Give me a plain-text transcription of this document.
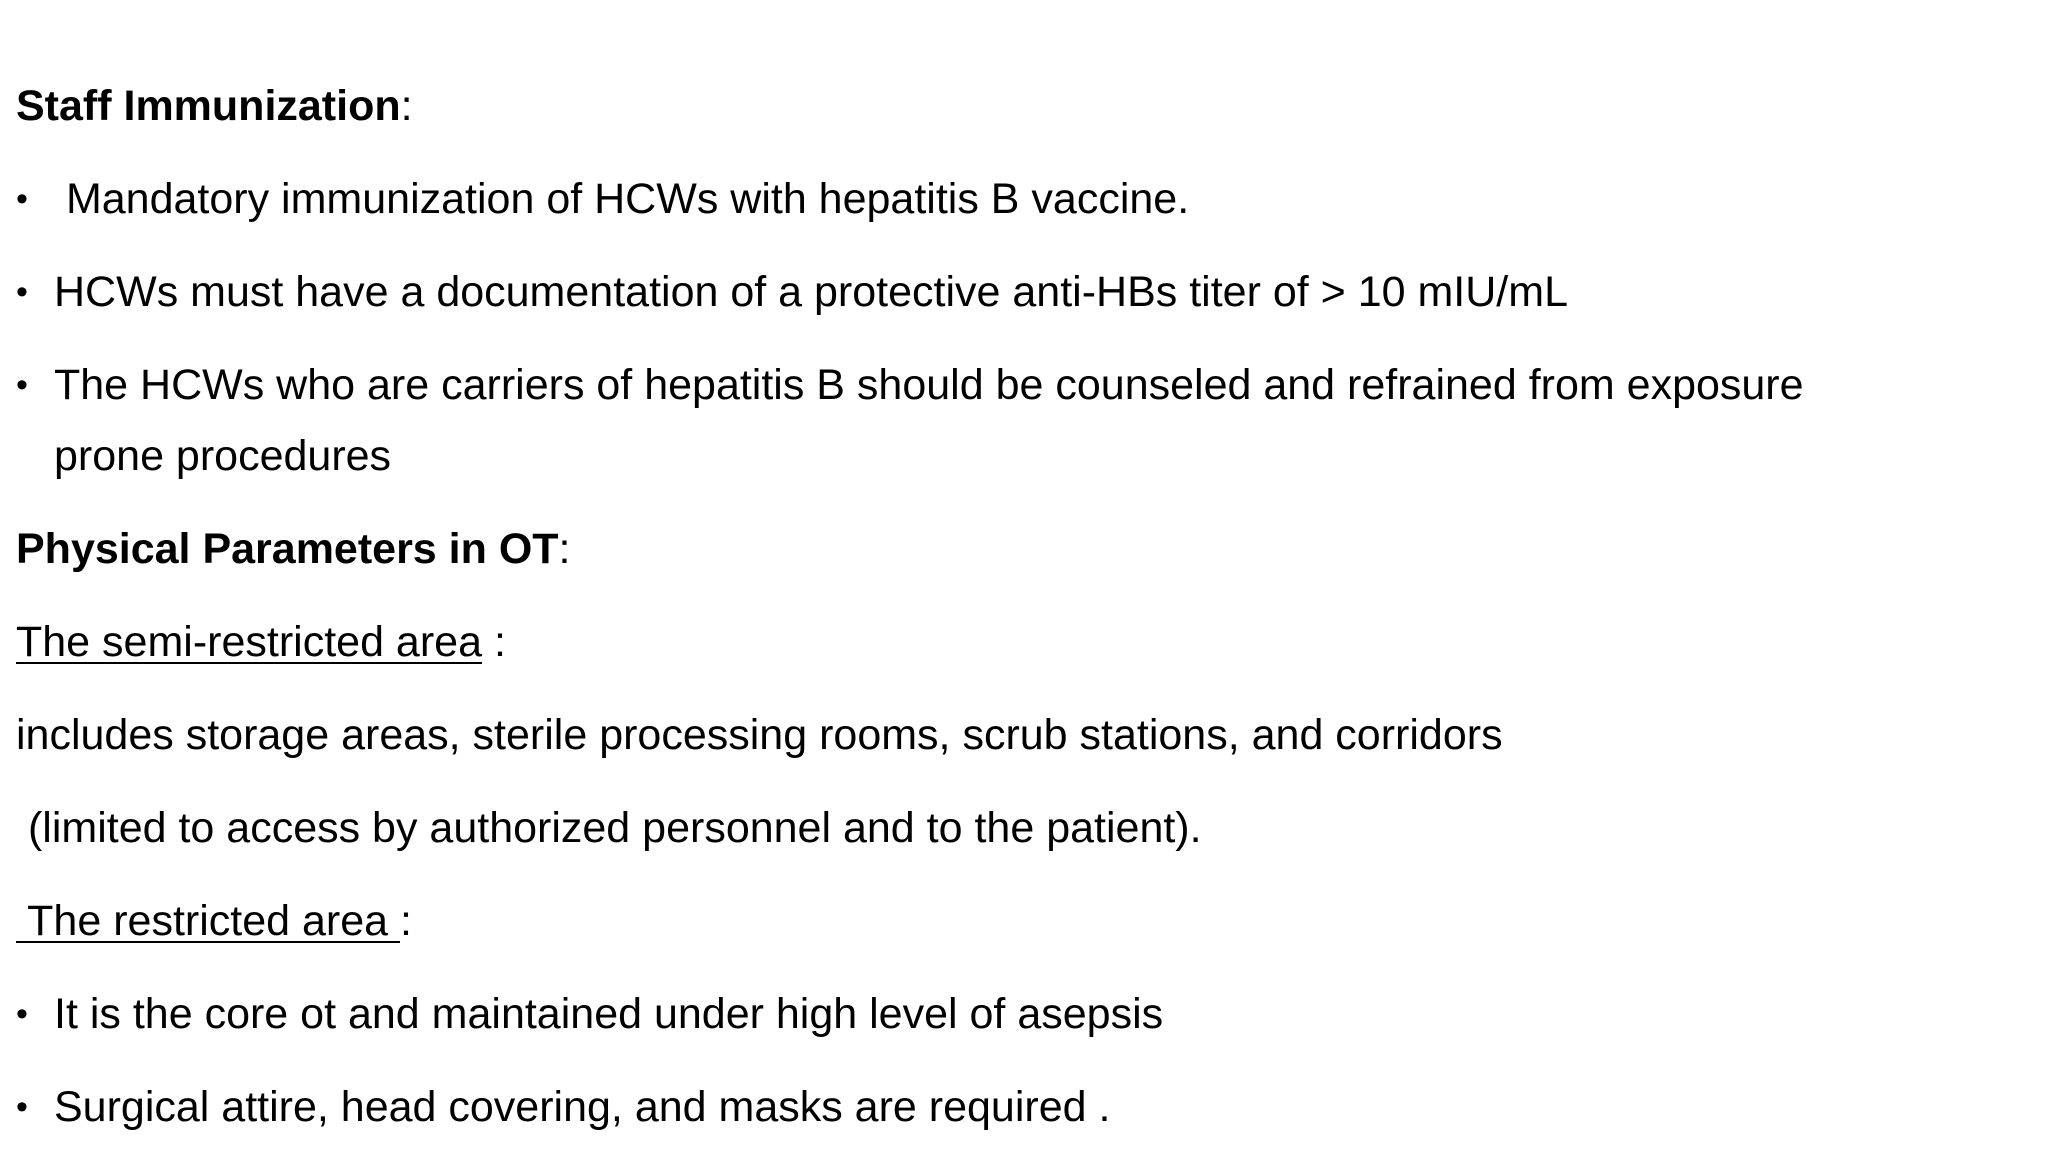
Staff Immunization:
• Mandatory immunization of HCWs with hepatitis B vaccine.
• HCWs must have a documentation of a protective anti-HBs titer of > 10 mIU/mL
• The HCWs who are carriers of hepatitis B should be counseled and refrained from exposure
prone procedures
Physical Parameters in OT:
The semi-restricted area :
includes storage areas, sterile processing rooms, scrub stations, and corridors
(limited to access by authorized personnel and to the patient).
The restricted area :
• It is the core ot and maintained under high level of asepsis
• Surgical attire, head covering, and masks are required .
